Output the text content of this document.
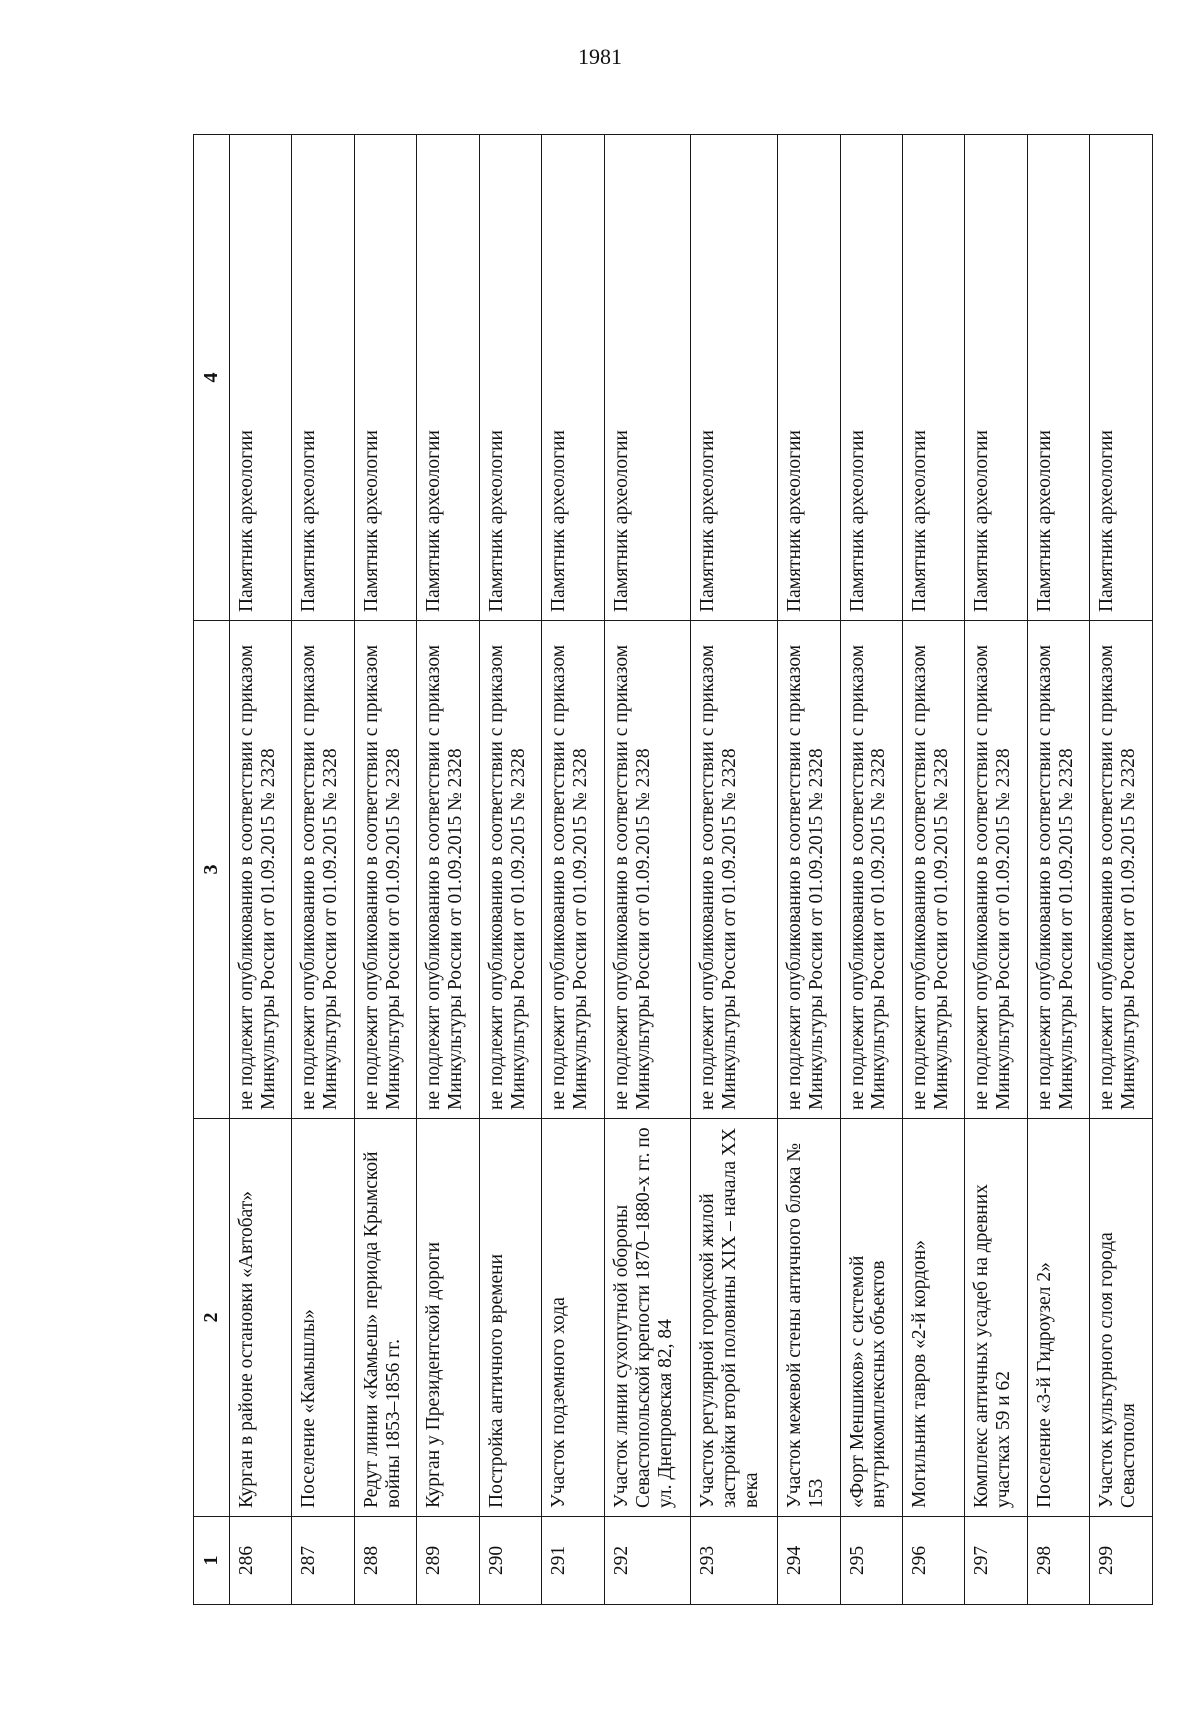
1981
1	2	3	4
286	Курган в районе остановки «Автобат»	не подлежит опубликованию в соответствии с приказом Минкультуры России от 01.09.2015 № 2328	Памятник археологии
287	Поселение «Камышлы»	не подлежит опубликованию в соответствии с приказом Минкультуры России от 01.09.2015 № 2328	Памятник археологии
288	Редут линии «Камьеш» периода Крымской войны 1853–1856 гг.	не подлежит опубликованию в соответствии с приказом Минкультуры России от 01.09.2015 № 2328	Памятник археологии
289	Курган у Президентской дороги	не подлежит опубликованию в соответствии с приказом Минкультуры России от 01.09.2015 № 2328	Памятник археологии
290	Постройка античного времени	не подлежит опубликованию в соответствии с приказом Минкультуры России от 01.09.2015 № 2328	Памятник археологии
291	Участок подземного хода	не подлежит опубликованию в соответствии с приказом Минкультуры России от 01.09.2015 № 2328	Памятник археологии
292	Участок линии сухопутной обороны Севастопольской крепости 1870–1880-х гг. по ул. Днепровская 82, 84	не подлежит опубликованию в соответствии с приказом Минкультуры России от 01.09.2015 № 2328	Памятник археологии
293	Участок регулярной городской жилой застройки второй половины XIX – начала XX века	не подлежит опубликованию в соответствии с приказом Минкультуры России от 01.09.2015 № 2328	Памятник археологии
294	Участок межевой стены античного блока № 153	не подлежит опубликованию в соответствии с приказом Минкультуры России от 01.09.2015 № 2328	Памятник археологии
295	«Форт Меншиков» с системой внутрикомплексных объектов	не подлежит опубликованию в соответствии с приказом Минкультуры России от 01.09.2015 № 2328	Памятник археологии
296	Могильник тавров «2-й кордон»	не подлежит опубликованию в соответствии с приказом Минкультуры России от 01.09.2015 № 2328	Памятник археологии
297	Комплекс античных усадеб на древних участках 59 и 62	не подлежит опубликованию в соответствии с приказом Минкультуры России от 01.09.2015 № 2328	Памятник археологии
298	Поселение «3-й Гидроузел 2»	не подлежит опубликованию в соответствии с приказом Минкультуры России от 01.09.2015 № 2328	Памятник археологии
299	Участок культурного слоя города Севастополя	не подлежит опубликованию в соответствии с приказом Минкультуры России от 01.09.2015 № 2328	Памятник археологии
